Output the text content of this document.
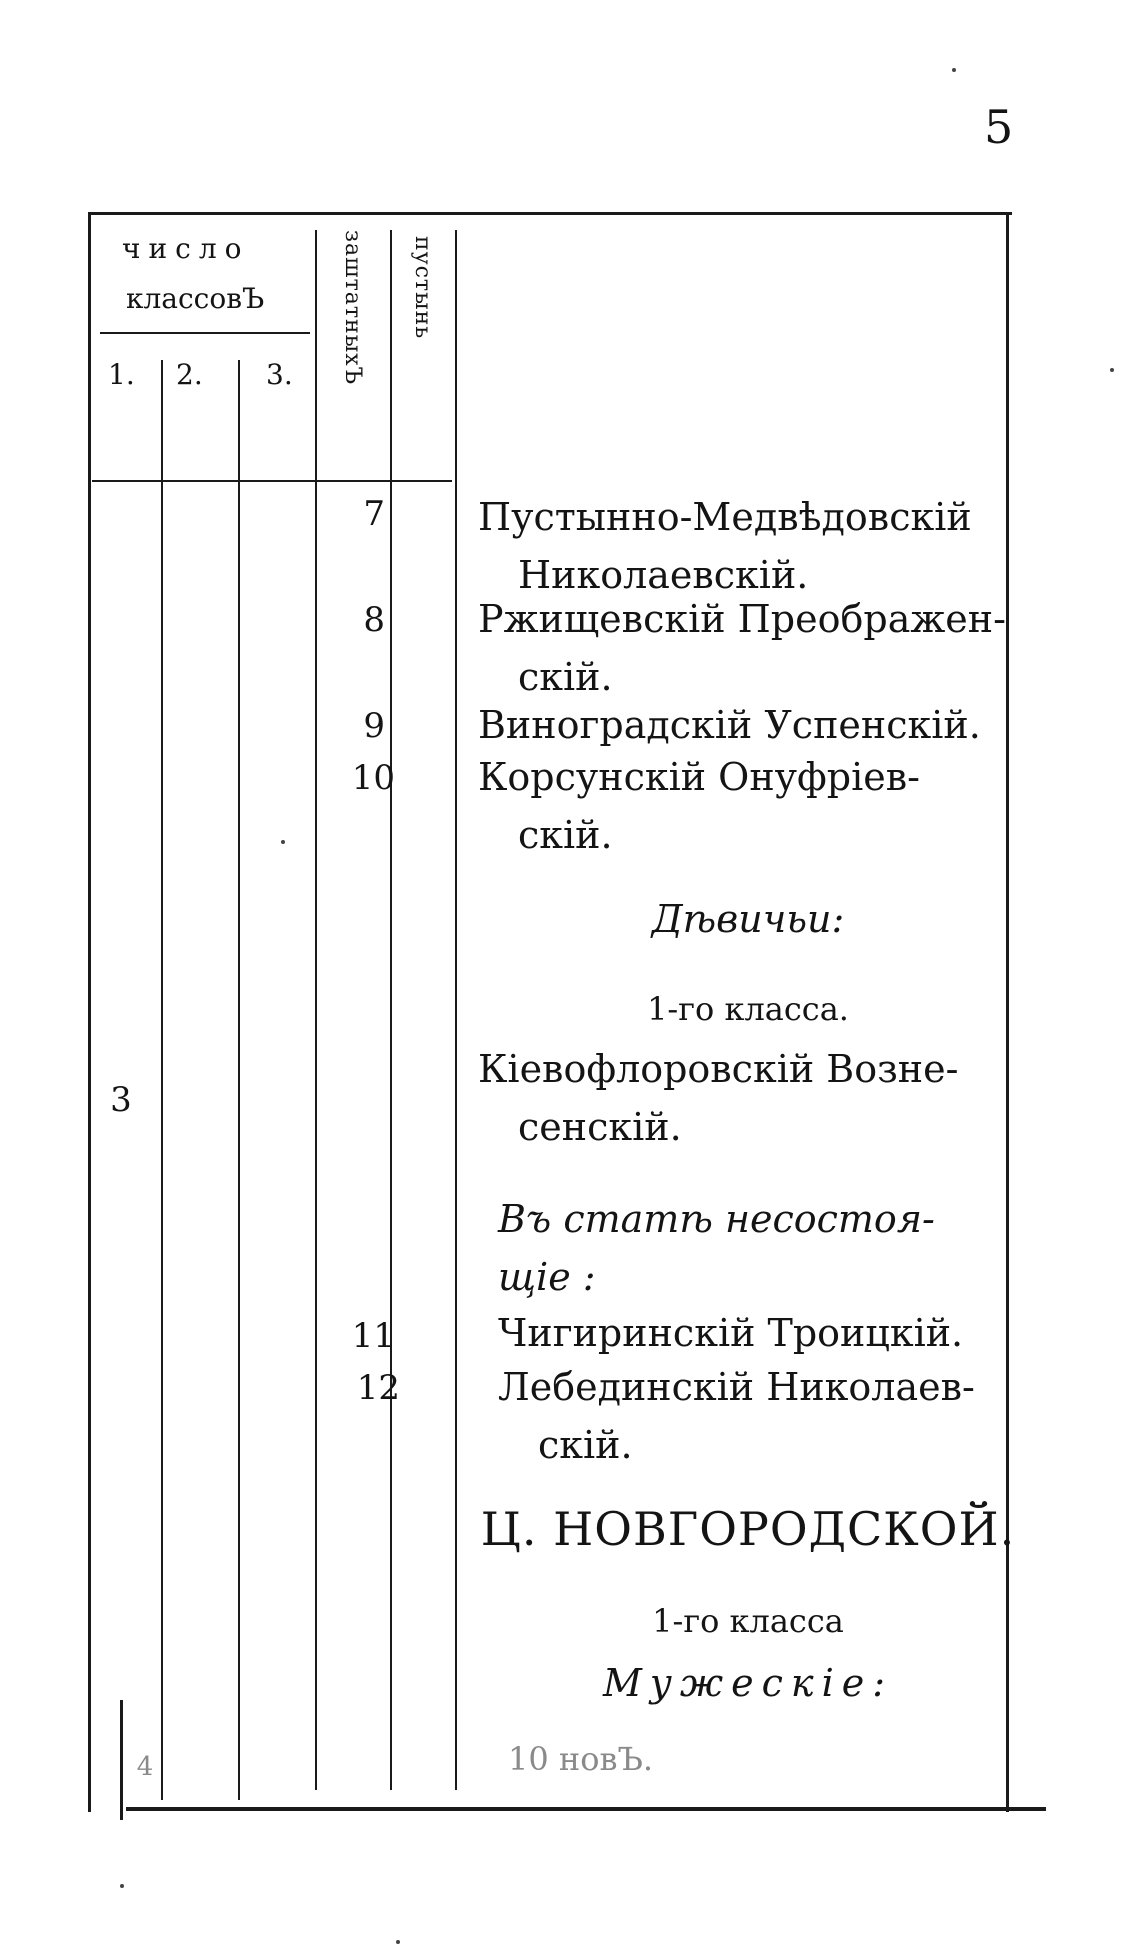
5
число
классовЪ
1. 2. 3. заштатныхЪ пустынь
7 Пустынно-Медвѣдовскій
Николаевскій.
8 Ржищевскій Преображен-
скій.
9 Виноградскій Успенскій.
10 Корсунскій Онуфріев-
скій.
Дѣвичьи:
1-го класса.
3
Кіевофлоровскій Возне-
сенскій.
Въ статѣ несостоя-
щіе :
11	Чигиринскій Троицкій.
12	Лебединскій Николаев-
скій.
Ц. НОВГОРОДСКОЙ.
1-го класса
Мужескіе:
10 новЪ.
4
